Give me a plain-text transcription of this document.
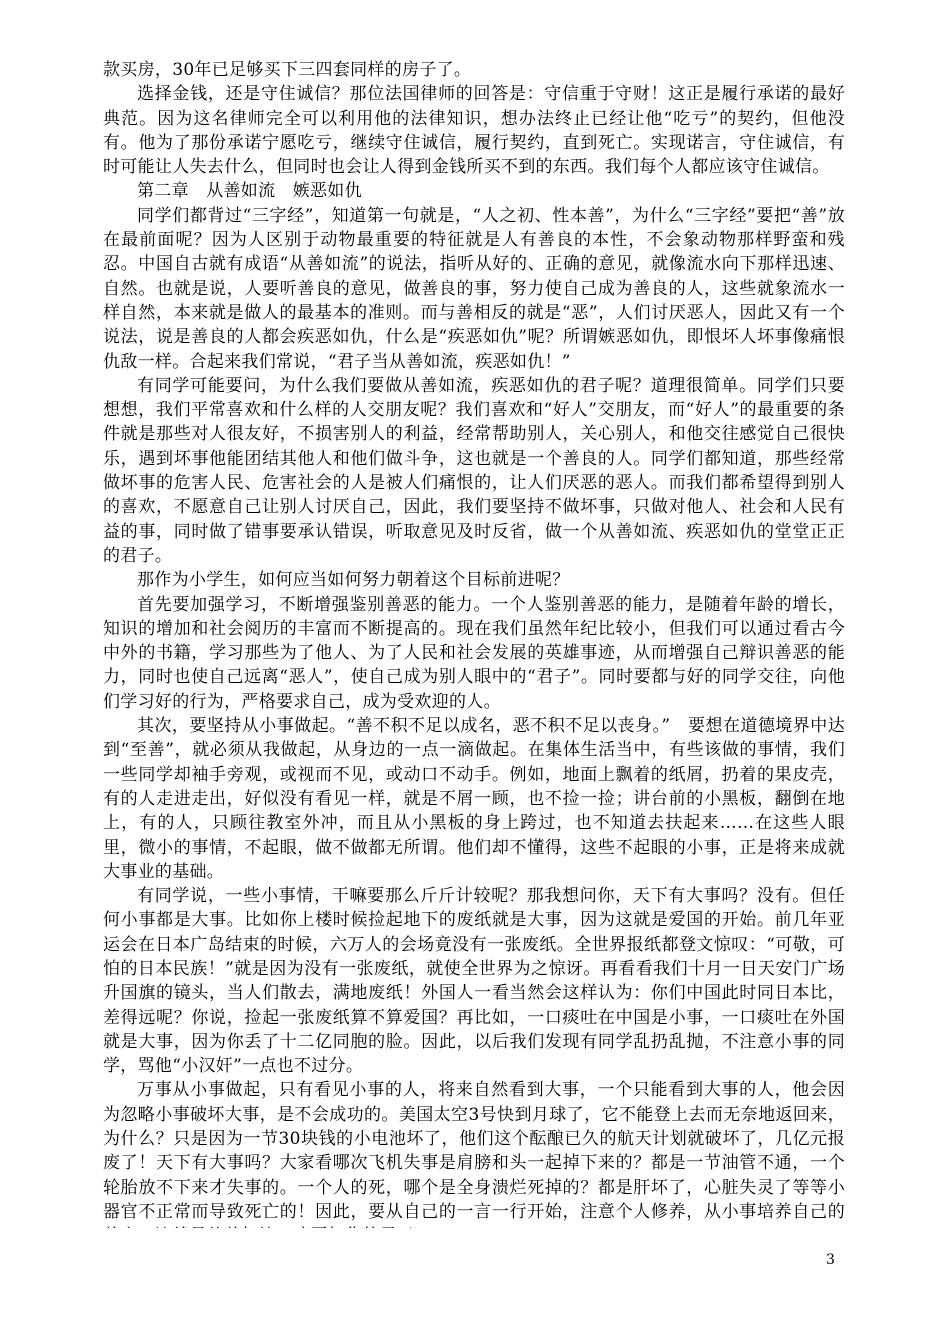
款买房，30年已足够买下三四套同样的房子了。

选择金钱，还是守住诚信？那位法国律师的回答是：守信重于守财！这正是履行承诺的最好典范。因为这名律师完全可以利用他的法律知识，想办法终止已经让他“吃亏”的契约，但他没有。他为了那份承诺宁愿吃亏，继续守住诚信，履行契约，直到死亡。实现诺言，守住诚信，有时可能让人失去什么，但同时也会让人得到金钱所买不到的东西。我们每个人都应该守住诚信。

第二章　从善如流　嫉恶如仇

同学们都背过“三字经”，知道第一句就是，“人之初、性本善”，为什么“三字经”要把“善”放在最前面呢？因为人区别于动物最重要的特征就是人有善良的本性，不会象动物那样野蛮和残忍。中国自古就有成语“从善如流”的说法，指听从好的、正确的意见，就像流水向下那样迅速、自然。也就是说，人要听善良的意见，做善良的事，努力使自己成为善良的人，这些就象流水一样自然，本来就是做人的最基本的准则。而与善相反的就是“恶”，人们讨厌恶人，因此又有一个说法，说是善良的人都会疾恶如仇，什么是“疾恶如仇”呢？所谓嫉恶如仇，即恨坏人坏事像痛恨仇敌一样。合起来我们常说，“君子当从善如流，疾恶如仇！”

有同学可能要问，为什么我们要做从善如流，疾恶如仇的君子呢？道理很简单。同学们只要想想，我们平常喜欢和什么样的人交朋友呢？我们喜欢和“好人”交朋友，而“好人”的最重要的条件就是那些对人很友好，不损害别人的利益，经常帮助别人，关心别人，和他交往感觉自己很快乐，遇到坏事他能团结其他人和他们做斗争，这也就是一个善良的人。同学们都知道，那些经常做坏事的危害人民、危害社会的人是被人们痛恨的，让人们厌恶的恶人。而我们都希望得到别人的喜欢，不愿意自己让别人讨厌自己，因此，我们要坚持不做坏事，只做对他人、社会和人民有益的事，同时做了错事要承认错误，听取意见及时反省，做一个从善如流、疾恶如仇的堂堂正正的君子。

那作为小学生，如何应当如何努力朝着这个目标前进呢？

首先要加强学习，不断增强鉴别善恶的能力。一个人鉴别善恶的能力，是随着年龄的增长，知识的增加和社会阅历的丰富而不断提高的。现在我们虽然年纪比较小，但我们可以通过看古今中外的书籍，学习那些为了他人、为了人民和社会发展的英雄事迹，从而增强自己辩识善恶的能力，同时也使自己远离“恶人”，使自己成为别人眼中的“君子”。同时要都与好的同学交往，向他们学习好的行为，严格要求自己，成为受欢迎的人。

其次，要坚持从小事做起。“善不积不足以成名，恶不积不足以丧身。”　要想在道德境界中达到“至善”，就必须从我做起，从身边的一点一滴做起。在集体生活当中，有些该做的事情，我们一些同学却袖手旁观，或视而不见，或动口不动手。例如，地面上飘着的纸屑，扔着的果皮壳，有的人走进走出，好似没有看见一样，就是不屑一顾，也不捡一捡；讲台前的小黑板，翻倒在地上，有的人，只顾往教室外冲，而且从小黑板的身上跨过，也不知道去扶起来……在这些人眼里，微小的事情，不起眼，做不做都无所谓。他们却不懂得，这些不起眼的小事，正是将来成就大事业的基础。

有同学说，一些小事情，干嘛要那么斤斤计较呢？那我想问你，天下有大事吗？没有。但任何小事都是大事。比如你上楼时候捡起地下的废纸就是大事，因为这就是爱国的开始。前几年亚运会在日本广岛结束的时候，六万人的会场竟没有一张废纸。全世界报纸都登文惊叹：“可敬，可怕的日本民族！”就是因为没有一张废纸，就使全世界为之惊讶。再看看我们十月一日天安门广场升国旗的镜头，当人们散去，满地废纸！外国人一看当然会这样认为：你们中国此时同日本比，差得远呢？你说，捡起一张废纸算不算爱国？再比如，一口痰吐在中国是小事，一口痰吐在外国就是大事，因为你丢了十二亿同胞的脸。因此，以后我们发现有同学乱扔乱抛，不注意小事的同学，骂他“小汉奸”一点也不过分。

万事从小事做起，只有看见小事的人，将来自然看到大事，一个只能看到大事的人，他会因为忽略小事破坏大事，是不会成功的。美国太空3号快到月球了，它不能登上去而无奈地返回来，为什么？只是因为一节30块钱的小电池坏了，他们这个酝酿已久的航天计划就破坏了，几亿元报废了！天下有大事吗？大家看哪次飞机失事是肩膀和头一起掉下来的？都是一节油管不通，一个轮胎放不下来才失事的。一个人的死，哪个是全身溃烂死掉的？都是肝坏了，心脏失灵了等等小器官不正常而导致死亡的！因此，要从自己的一言一行开始，注意个人修养，从小事培养自己的

3
